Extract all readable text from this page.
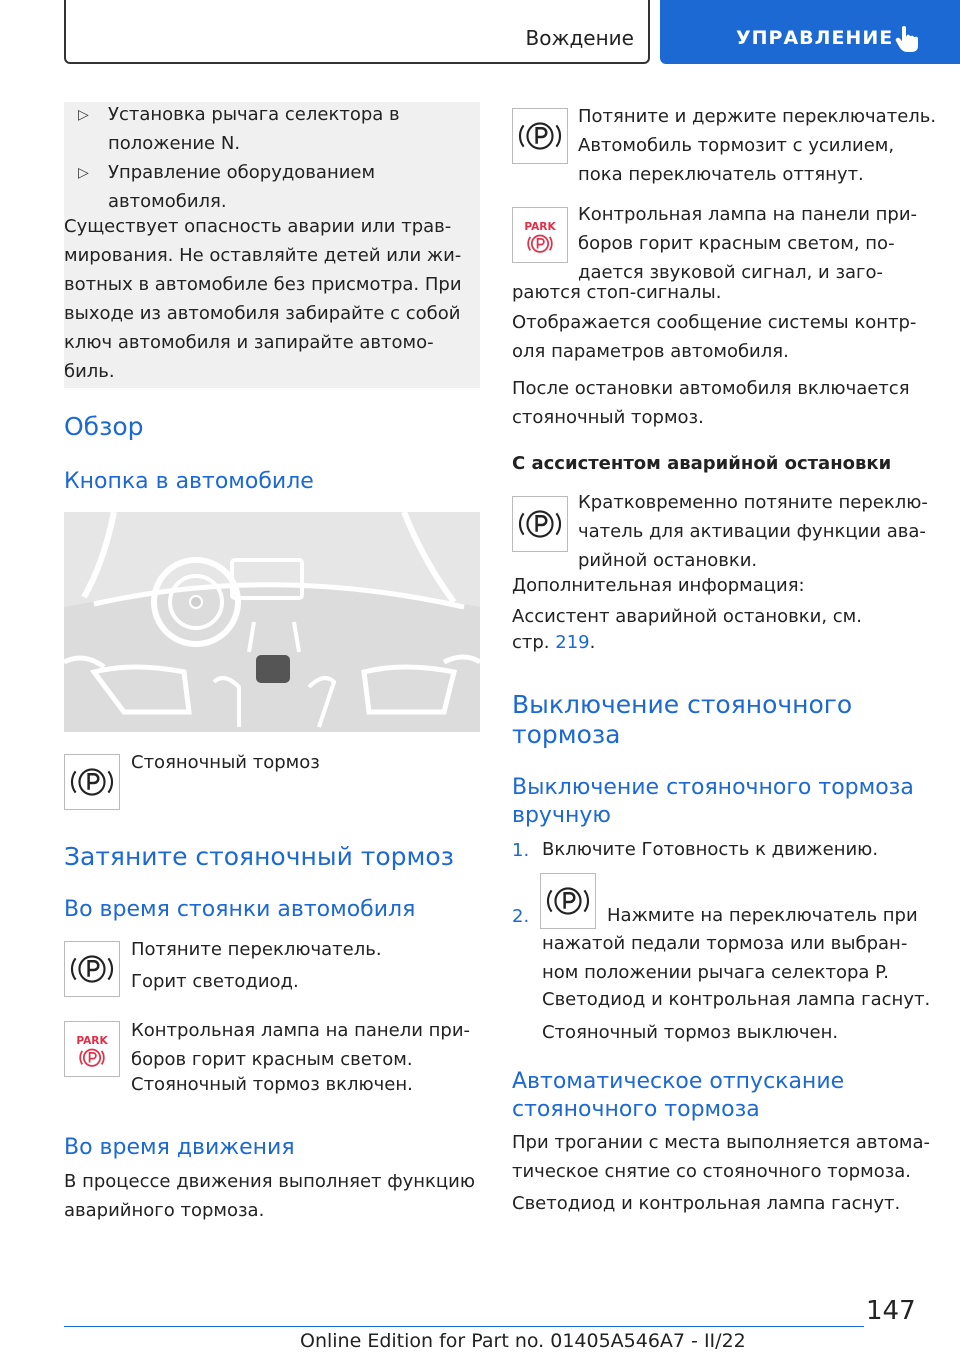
Вождение	УПРАВЛЕНИЕ
▷ Установка рычага селектора в
положение N.
▷ Управление оборудованием
автомобиля.
Существует опасность аварии или трав-
мирования. Не оставляйте детей или жи-
вотных в автомобиле без присмотра. При
выходе из автомобиля забирайте с собой
ключ автомобиля и запирайте автомо-
биль.
Обзор
Кнопка в автомобиле
Стояночный тормоз
Затяните стояночный тормоз
Во время стоянки автомобиля
Потяните переключатель.
Горит светодиод.
Контрольная лампа на панели при-
боров горит красным светом.
Стояночный тормоз включен.
Во время движения
В процессе движения выполняет функцию
аварийного тормоза.
Потяните и держите переключатель.
Автомобиль тормозит с усилием,
пока переключатель оттянут.
Контрольная лампа на панели при-
боров горит красным светом, по-
дается звуковой сигнал, и заго-
раются стоп-сигналы.
Отображается сообщение системы контр-
оля параметров автомобиля.
После остановки автомобиля включается
стояночный тормоз.
С ассистентом аварийной остановки
Кратковременно потяните переклю-
чатель для активации функции ава-
рийной остановки.
Дополнительная информация:
Ассистент аварийной остановки, см.
стр. 219.
Выключение стояночного
тормоза
Выключение стояночного тормоза
вручную
1. Включите Готовность к движению.
2.	Нажмите на переключатель при
нажатой педали тормоза или выбран-
ном положении рычага селектора P.
Светодиод и контрольная лампа гаснут.
Стояночный тормоз выключен.
Автоматическое отпускание
стояночного тормоза
При трогании с места выполняется автома-
тическое снятие со стояночного тормоза.
Светодиод и контрольная лампа гаснут.
147
Online Edition for Part no. 01405A546A7 - II/22
